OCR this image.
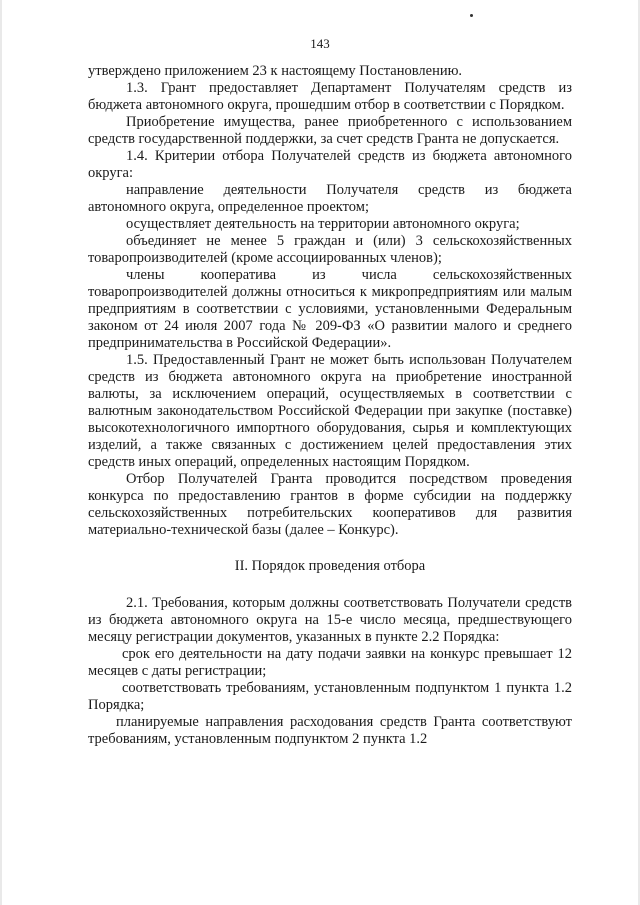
143

утверждено приложением 23 к настоящему Постановлению.

1.3. Грант предоставляет Департамент Получателям средств из бюджета автономного округа, прошедшим отбор в соответствии с Порядком.

Приобретение имущества, ранее приобретенного с использованием средств государственной поддержки, за счет средств Гранта не допускается.

1.4. Критерии отбора Получателей средств из бюджета автономного округа:

направление деятельности Получателя средств из бюджета автономного округа, определенное проектом;

осуществляет деятельность на территории автономного округа;

объединяет не менее 5 граждан и (или) 3 сельскохозяйственных товаропроизводителей (кроме ассоциированных членов);

члены кооператива из числа сельскохозяйственных товаропроизводителей должны относиться к микропредприятиям или малым предприятиям в соответствии с условиями, установленными Федеральным законом от 24 июля 2007 года № 209-ФЗ «О развитии малого и среднего предпринимательства в Российской Федерации».

1.5. Предоставленный Грант не может быть использован Получателем средств из бюджета автономного округа на приобретение иностранной валюты, за исключением операций, осуществляемых в соответствии с валютным законодательством Российской Федерации при закупке (поставке) высокотехнологичного импортного оборудования, сырья и комплектующих изделий, а также связанных с достижением целей предоставления этих средств иных операций, определенных настоящим Порядком.

Отбор Получателей Гранта проводится посредством проведения конкурса по предоставлению грантов в форме субсидии на поддержку сельскохозяйственных потребительских кооперативов для развития материально-технической базы (далее – Конкурс).

II. Порядок проведения отбора

2.1. Требования, которым должны соответствовать Получатели средств из бюджета автономного округа на 15-е число месяца, предшествующего месяцу регистрации документов, указанных в пункте 2.2 Порядка:

срок его деятельности на дату подачи заявки на конкурс превышает 12 месяцев с даты регистрации;

соответствовать требованиям, установленным подпунктом 1 пункта 1.2 Порядка;

планируемые направления расходования средств Гранта соответствуют требованиям, установленным подпунктом 2 пункта 1.2
